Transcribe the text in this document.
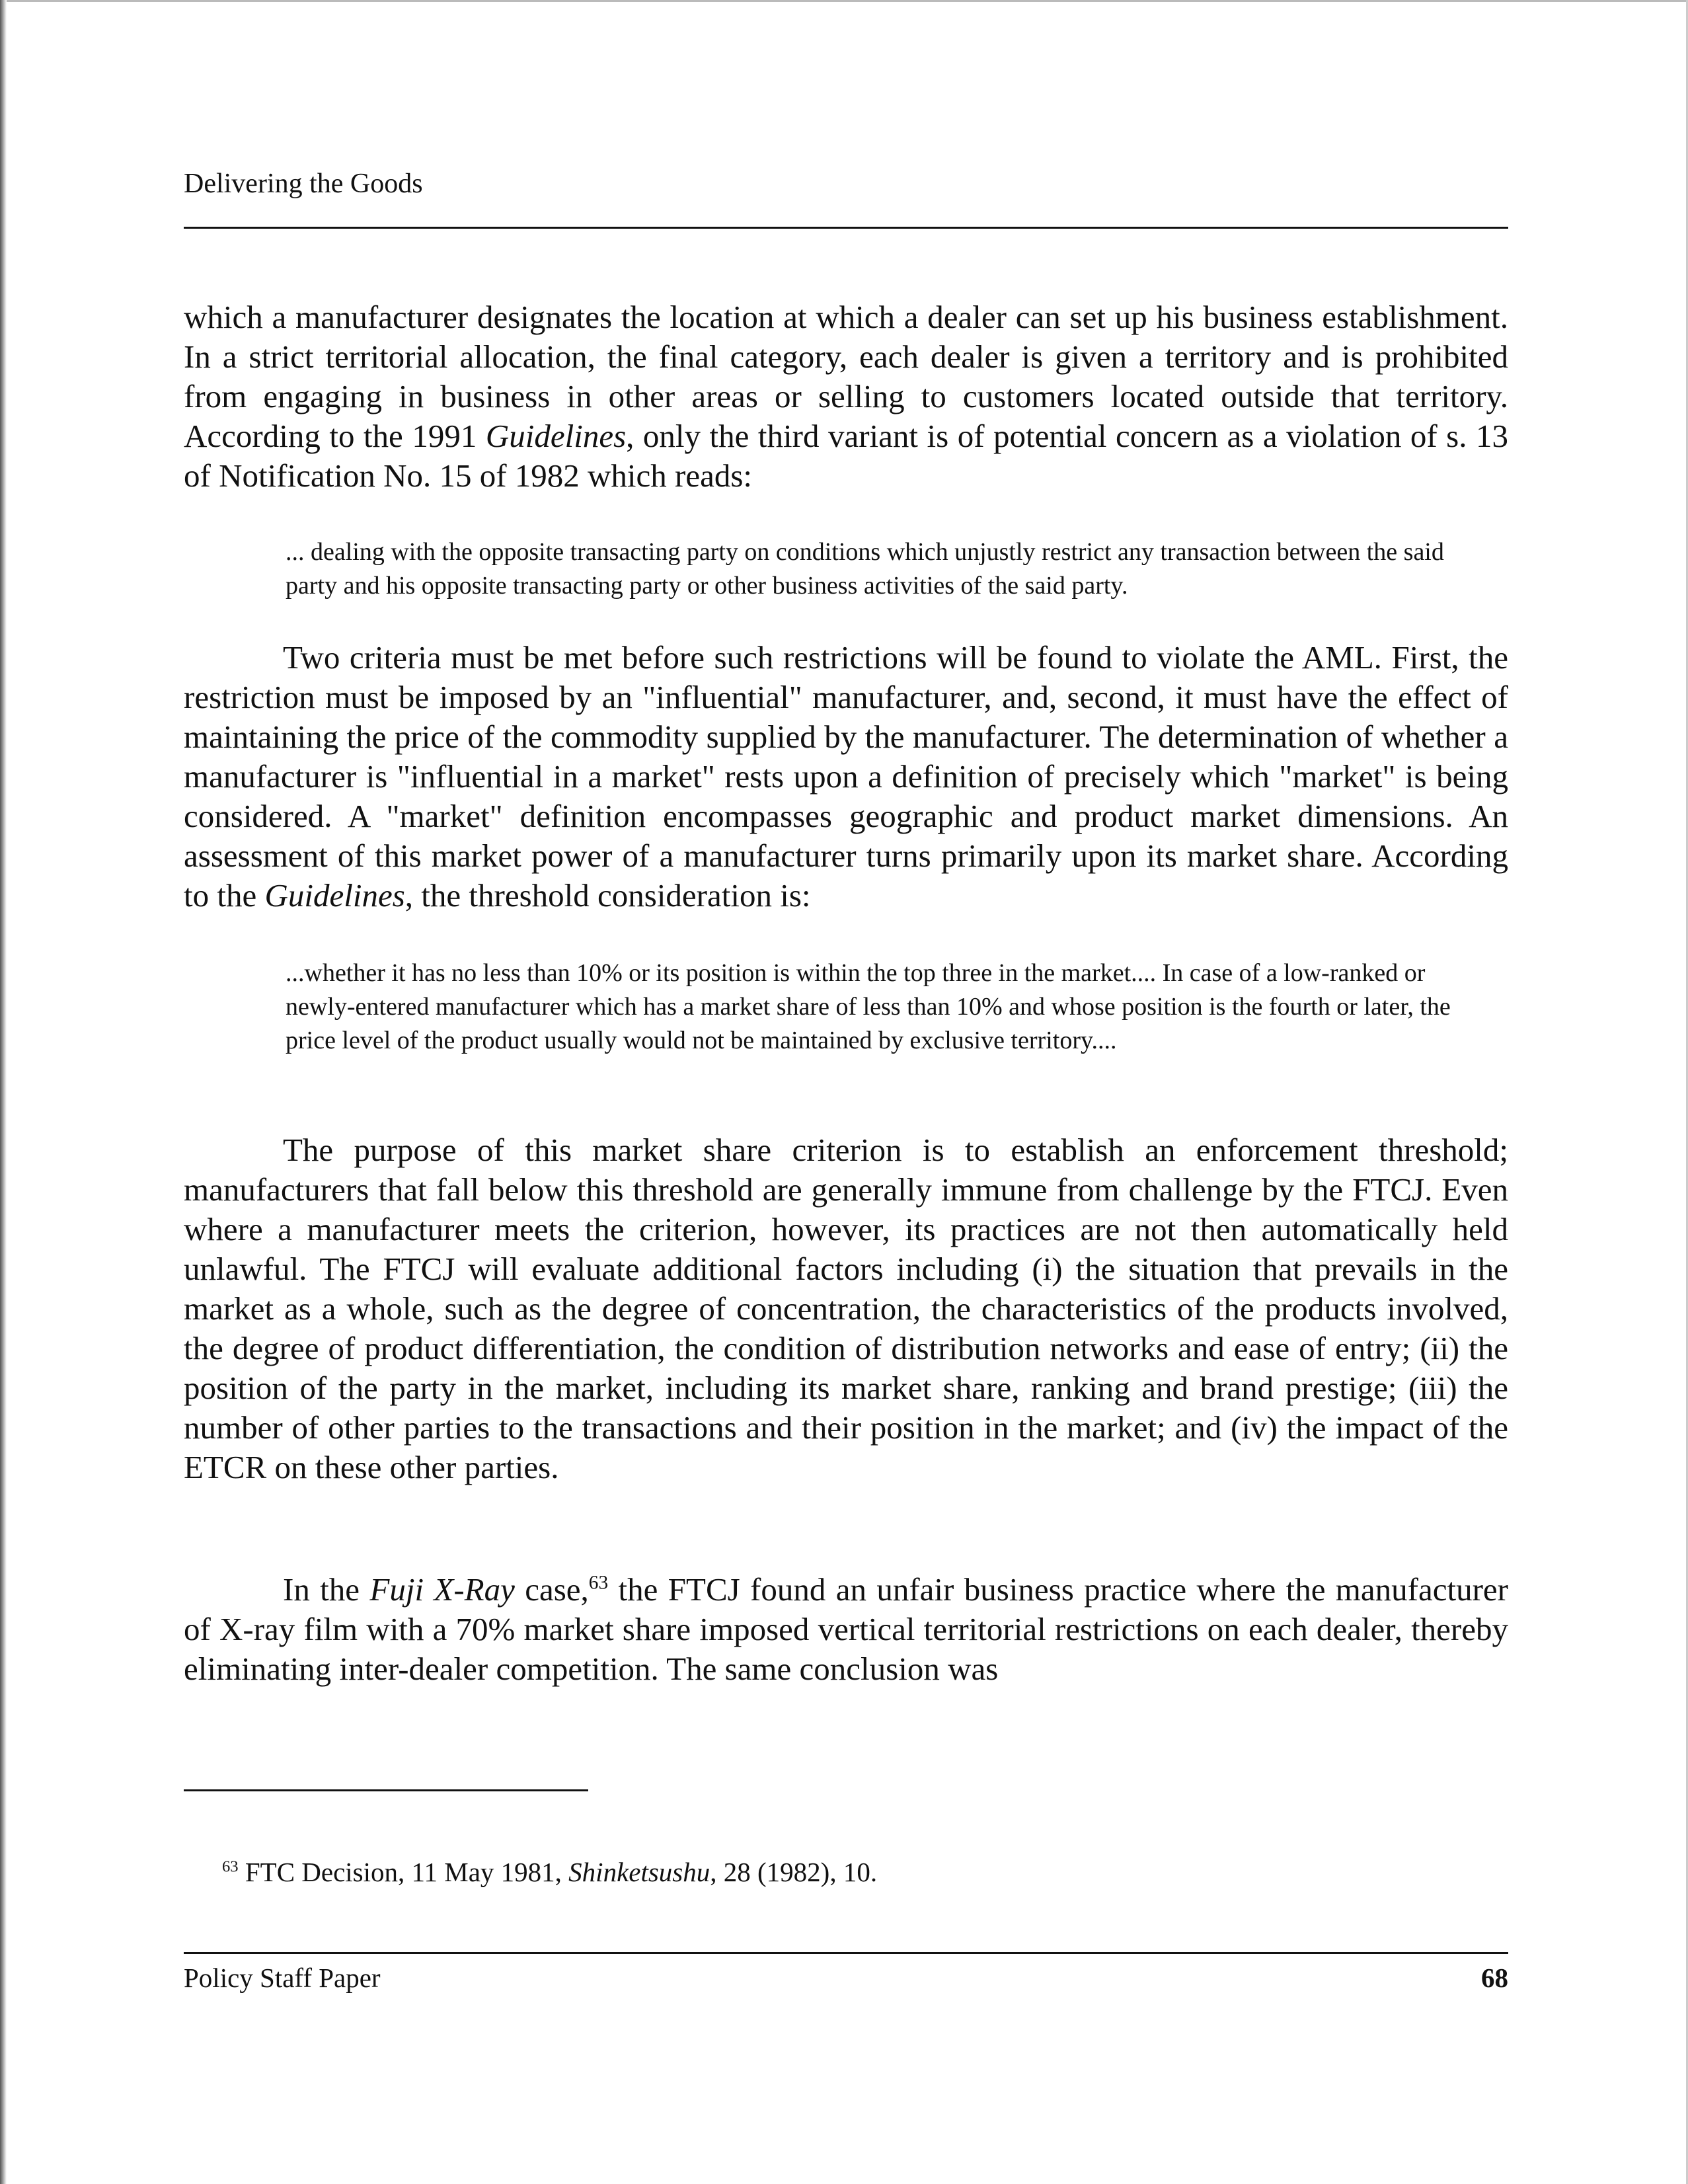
Delivering the Goods

which a manufacturer designates the location at which a dealer can set up his business establishment. In a strict territorial allocation, the final category, each dealer is given a territory and is prohibited from engaging in business in other areas or selling to customers located outside that territory. According to the 1991 Guidelines, only the third variant is of potential concern as a violation of s. 13 of Notification No. 15 of 1982 which reads:

... dealing with the opposite transacting party on conditions which unjustly restrict any transaction between the said party and his opposite transacting party or other business activities of the said party.

Two criteria must be met before such restrictions will be found to violate the AML. First, the restriction must be imposed by an "influential" manufacturer, and, second, it must have the effect of maintaining the price of the commodity supplied by the manufacturer. The determination of whether a manufacturer is "influential in a market" rests upon a definition of precisely which "market" is being considered. A "market" definition encompasses geographic and product market dimensions. An assessment of this market power of a manufacturer turns primarily upon its market share. According to the Guidelines, the threshold consideration is:

...whether it has no less than 10% or its position is within the top three in the market.... In case of a low-ranked or newly-entered manufacturer which has a market share of less than 10% and whose position is the fourth or later, the price level of the product usually would not be maintained by exclusive territory....

The purpose of this market share criterion is to establish an enforcement threshold; manufacturers that fall below this threshold are generally immune from challenge by the FTCJ. Even where a manufacturer meets the criterion, however, its practices are not then automatically held unlawful. The FTCJ will evaluate additional factors including (i) the situation that prevails in the market as a whole, such as the degree of concentration, the characteristics of the products involved, the degree of product differentiation, the condition of distribution networks and ease of entry; (ii) the position of the party in the market, including its market share, ranking and brand prestige; (iii) the number of other parties to the transactions and their position in the market; and (iv) the impact of the ETCR on these other parties.

In the Fuji X-Ray case,$^{63}$ the FTCJ found an unfair business practice where the manufacturer of X-ray film with a 70% market share imposed vertical territorial restrictions on each dealer, thereby eliminating inter-dealer competition. The same conclusion was

$^{63}$ FTC Decision, 11 May 1981, Shinketsushu, 28 (1982), 10.
Policy Staff Paper	68
